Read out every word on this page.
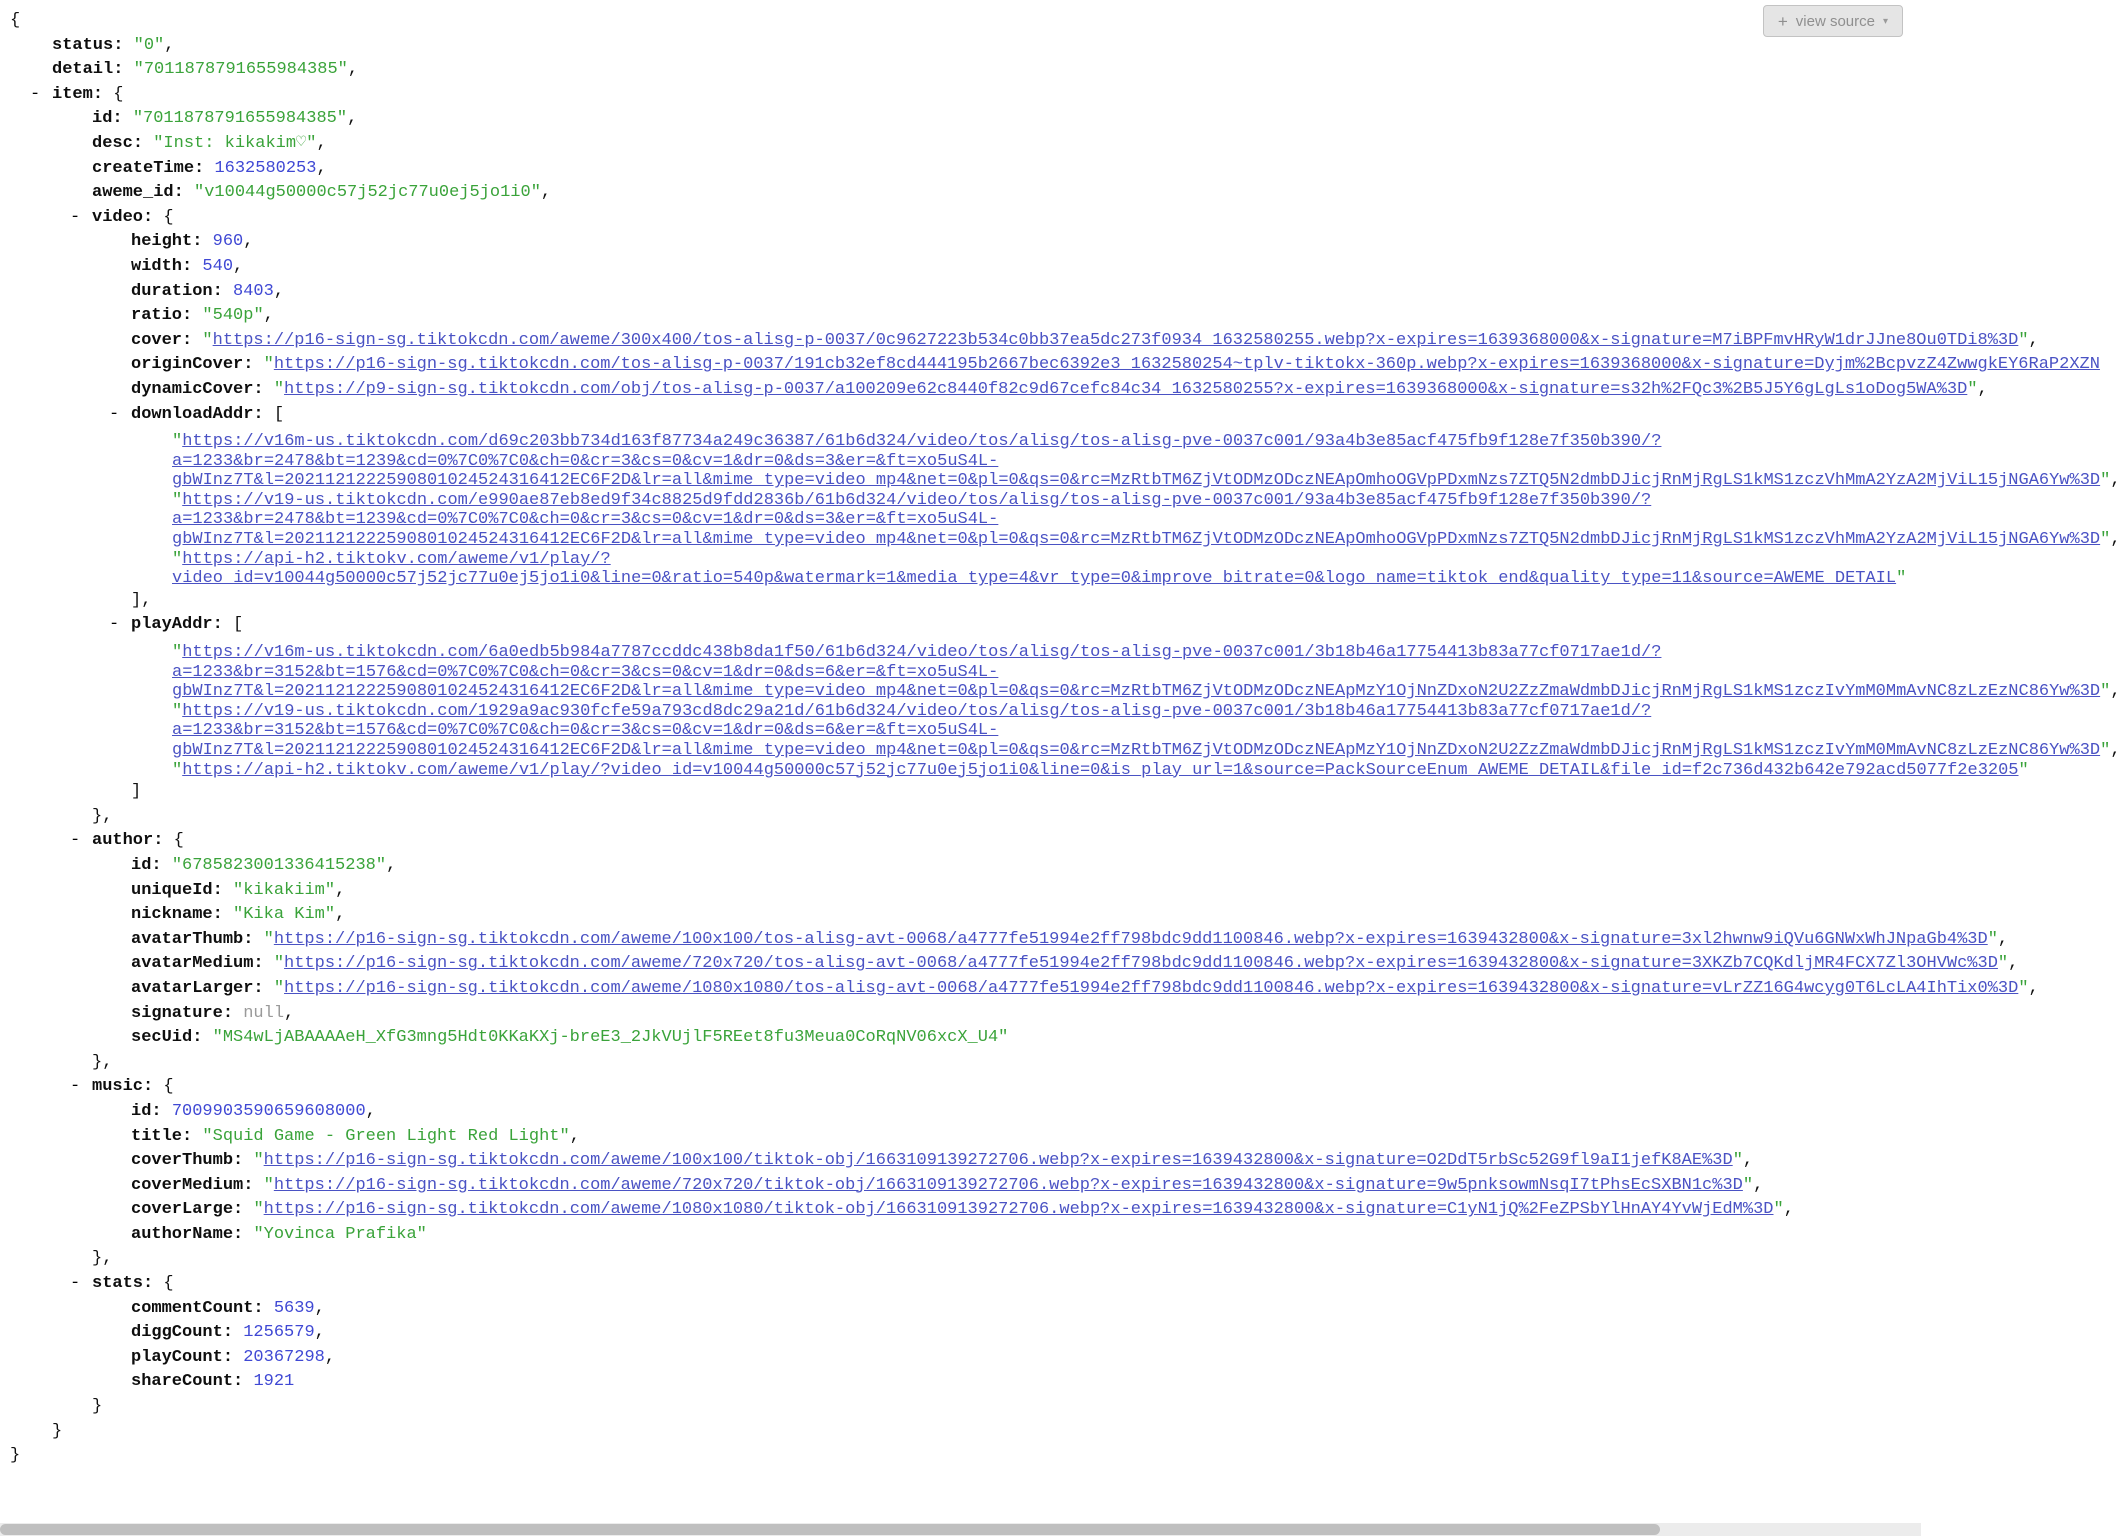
{
status : ″ 0 ″ ,
detail : ″ 7011878791655984385 ″ ,
- item : {
id : ″ 7011878791655984385 ″ ,
desc : ″ Inst: kikakim♡ ″ ,
createTime : 1632580253,
aweme_id : ″ v10044g50000c57j52jc77u0ej5jo1i0 ″ ,
- video : {
height : 960,
width : 540,
duration : 8403,
ratio : ″ 540p ″ ,
cover : ″ https://p16-sign-sg.tiktokcdn.com/aweme/300x400/tos-alisg-p-0037/0c9627223b534c0bb37ea5dc273f0934_1632580255.webp?x-expires=1639368000&x-signature=M7iBPFmvHRyW1drJJne8Ou0TDi8%3D ″ ,
originCover : ″ https://p16-sign-sg.tiktokcdn.com/tos-alisg-p-0037/191cb32ef8cd444195b2667bec6392e3_1632580254~tplv-tiktokx-360p.webp?x-expires=1639368000&x-signature=Dyjm%2BcpvzZ4ZwwgkEY6RaP2XZN
dynamicCover : ″ https://p9-sign-sg.tiktokcdn.com/obj/tos-alisg-p-0037/a100209e62c8440f82c9d67cefc84c34_1632580255?x-expires=1639368000&x-signature=s32h%2FQc3%2B5J5Y6gLgLs1oDog5WA%3D ″ ,
- downloadAddr : [
″ https://v16m-us.tiktokcdn.com/d69c203bb734d163f87734a249c36387/61b6d324/video/tos/alisg/tos-alisg-pve-0037c001/93a4b3e85acf475fb9f128e7f350b390/?
a=1233&br=2478&bt=1239&cd=0%7C0%7C0&ch=0&cr=3&cs=0&cv=1&dr=0&ds=3&er=&ft=xo5uS4L-
gbWInz7T&l=2021121222590801024524316412EC6F2D&lr=all&mime_type=video_mp4&net=0&pl=0&qs=0&rc=MzRtbTM6ZjVtODMzODczNEApOmhoOGVpPDxmNzs7ZTQ5N2dmbDJicjRnMjRgLS1kMS1zczVhMmA2YzA2MjViL15jNGA6Yw%3D ″ ,
″ https://v19-us.tiktokcdn.com/e990ae87eb8ed9f34c8825d9fdd2836b/61b6d324/video/tos/alisg/tos-alisg-pve-0037c001/93a4b3e85acf475fb9f128e7f350b390/?
a=1233&br=2478&bt=1239&cd=0%7C0%7C0&ch=0&cr=3&cs=0&cv=1&dr=0&ds=3&er=&ft=xo5uS4L-
gbWInz7T&l=2021121222590801024524316412EC6F2D&lr=all&mime_type=video_mp4&net=0&pl=0&qs=0&rc=MzRtbTM6ZjVtODMzODczNEApOmhoOGVpPDxmNzs7ZTQ5N2dmbDJicjRnMjRgLS1kMS1zczVhMmA2YzA2MjViL15jNGA6Yw%3D ″ ,
″ https://api-h2.tiktokv.com/aweme/v1/play/?
video_id=v10044g50000c57j52jc77u0ej5jo1i0&line=0&ratio=540p&watermark=1&media_type=4&vr_type=0&improve_bitrate=0&logo_name=tiktok_end&quality_type=11&source=AWEME_DETAIL ″
],
- playAddr : [
″ https://v16m-us.tiktokcdn.com/6a0edb5b984a7787ccddc438b8da1f50/61b6d324/video/tos/alisg/tos-alisg-pve-0037c001/3b18b46a17754413b83a77cf0717ae1d/?
a=1233&br=3152&bt=1576&cd=0%7C0%7C0&ch=0&cr=3&cs=0&cv=1&dr=0&ds=6&er=&ft=xo5uS4L-
gbWInz7T&l=2021121222590801024524316412EC6F2D&lr=all&mime_type=video_mp4&net=0&pl=0&qs=0&rc=MzRtbTM6ZjVtODMzODczNEApMzY1OjNnZDxoN2U2ZzZmaWdmbDJicjRnMjRgLS1kMS1zczIvYmM0MmAvNC8zLzEzNC86Yw%3D ″ ,
″ https://v19-us.tiktokcdn.com/1929a9ac930fcfe59a793cd8dc29a21d/61b6d324/video/tos/alisg/tos-alisg-pve-0037c001/3b18b46a17754413b83a77cf0717ae1d/?
a=1233&br=3152&bt=1576&cd=0%7C0%7C0&ch=0&cr=3&cs=0&cv=1&dr=0&ds=6&er=&ft=xo5uS4L-
gbWInz7T&l=2021121222590801024524316412EC6F2D&lr=all&mime_type=video_mp4&net=0&pl=0&qs=0&rc=MzRtbTM6ZjVtODMzODczNEApMzY1OjNnZDxoN2U2ZzZmaWdmbDJicjRnMjRgLS1kMS1zczIvYmM0MmAvNC8zLzEzNC86Yw%3D ″ ,
″ https://api-h2.tiktokv.com/aweme/v1/play/?video_id=v10044g50000c57j52jc77u0ej5jo1i0&line=0&is_play_url=1&source=PackSourceEnum_AWEME_DETAIL&file_id=f2c736d432b642e792acd5077f2e3205 ″
]
},
- author : {
id : ″ 6785823001336415238 ″ ,
uniqueId : ″ kikakiim ″ ,
nickname : ″ Kika Kim ″ ,
avatarThumb : ″ https://p16-sign-sg.tiktokcdn.com/aweme/100x100/tos-alisg-avt-0068/a4777fe51994e2ff798bdc9dd1100846.webp?x-expires=1639432800&x-signature=3xl2hwnw9iQVu6GNWxWhJNpaGb4%3D ″ ,
avatarMedium : ″ https://p16-sign-sg.tiktokcdn.com/aweme/720x720/tos-alisg-avt-0068/a4777fe51994e2ff798bdc9dd1100846.webp?x-expires=1639432800&x-signature=3XKZb7CQKdljMR4FCX7Zl3OHVWc%3D ″ ,
avatarLarger : ″ https://p16-sign-sg.tiktokcdn.com/aweme/1080x1080/tos-alisg-avt-0068/a4777fe51994e2ff798bdc9dd1100846.webp?x-expires=1639432800&x-signature=vLrZZ16G4wcyg0T6LcLA4IhTix0%3D ″ ,
signature : null,
secUid : ″ MS4wLjABAAAAeH_XfG3mng5Hdt0KKaKXj-breE3_2JkVUjlF5REet8fu3Meua0CoRqNV06xcX_U4 ″
},
- music : {
id : 7009903590659608000,
title : ″ Squid Game - Green Light Red Light ″ ,
coverThumb : ″ https://p16-sign-sg.tiktokcdn.com/aweme/100x100/tiktok-obj/1663109139272706.webp?x-expires=1639432800&x-signature=O2DdT5rbSc52G9fl9aI1jefK8AE%3D ″ ,
coverMedium : ″ https://p16-sign-sg.tiktokcdn.com/aweme/720x720/tiktok-obj/1663109139272706.webp?x-expires=1639432800&x-signature=9w5pnksowmNsqI7tPhsEcSXBN1c%3D ″ ,
coverLarge : ″ https://p16-sign-sg.tiktokcdn.com/aweme/1080x1080/tiktok-obj/1663109139272706.webp?x-expires=1639432800&x-signature=C1yN1jQ%2FeZPSbYlHnAY4YvWjEdM%3D ″ ,
authorName : ″ Yovinca Prafika ″
},
- stats : {
commentCount : 5639,
diggCount : 1256579,
playCount : 20367298,
shareCount : 1921
}
}
}
+ view source ▾
